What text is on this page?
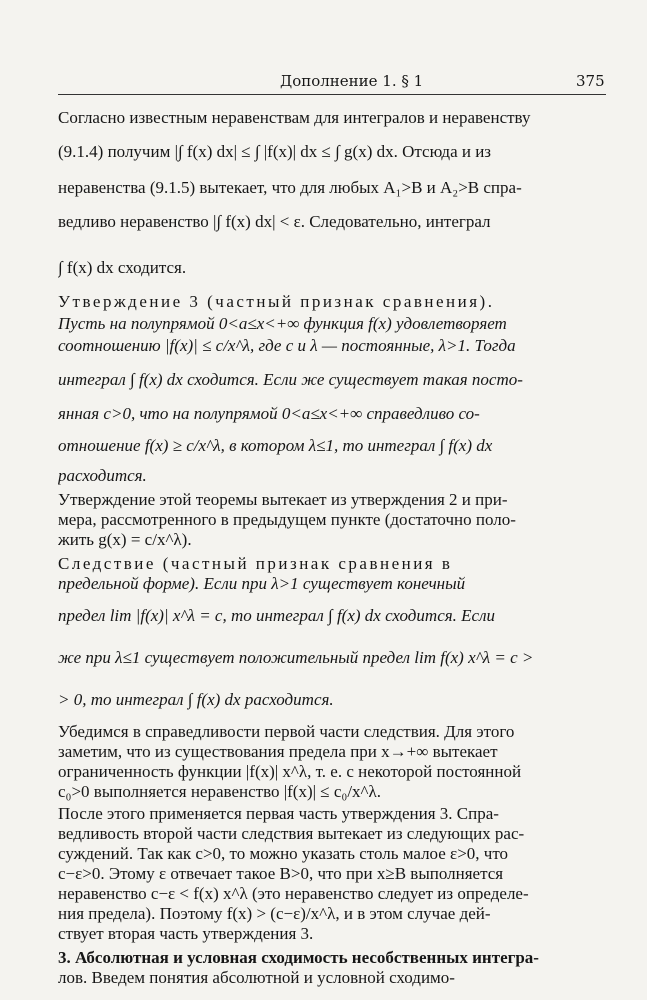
Дополнение 1. § 1	375
Согласно известным неравенствам для интегралов и неравенству
(9.1.4) получим |∫ f(x) dx| ≤ ∫ |f(x)| dx ≤ ∫ g(x) dx. Отсюда и из
неравенства (9.1.5) вытекает, что для любых A₁>B и A₂>B спра-
ведливо неравенство |∫ f(x) dx| < ε. Следовательно, интеграл
∫ f(x) dx сходится.
Утверждение 3 (частный признак сравнения).
Пусть на полупрямой 0<a≤x<+∞ функция f(x) удовлетворяет
соотношению |f(x)| ≤ c/x^λ, где c и λ — постоянные, λ>1. Тогда
интеграл ∫ f(x) dx сходится. Если же существует такая посто-
янная c>0, что на полупрямой 0<a≤x<+∞ справедливо со-
отношение f(x) ≥ c/x^λ, в котором λ≤1, то интеграл ∫ f(x) dx
расходится.
Утверждение этой теоремы вытекает из утверждения 2 и при-
мера, рассмотренного в предыдущем пункте (достаточно поло-
жить g(x) = c/x^λ).
Следствие (частный признак сравнения в
предельной форме). Если при λ>1 существует конечный
предел lim |f(x)| x^λ = c, то интеграл ∫ f(x) dx сходится. Если
же при λ≤1 существует положительный предел lim f(x) x^λ = c >
> 0, то интеграл ∫ f(x) dx расходится.
Убедимся в справедливости первой части следствия. Для этого
заметим, что из существования предела при x→+∞ вытекает
ограниченность функции |f(x)| x^λ, т. е. с некоторой постоянной
c₀>0 выполняется неравенство |f(x)| ≤ c₀/x^λ.
После этого применяется первая часть утверждения 3. Спра-
ведливость второй части следствия вытекает из следующих рас-
суждений. Так как c>0, то можно указать столь малое ε>0, что
c−ε>0. Этому ε отвечает такое B>0, что при x≥B выполняется
неравенство c−ε < f(x) x^λ (это неравенство следует из определе-
ния предела). Поэтому f(x) > (c−ε)/x^λ, и в этом случае дей-
ствует вторая часть утверждения 3.
3. Абсолютная и условная сходимость несобственных интегра-
лов. Введем понятия абсолютной и условной сходимо-
